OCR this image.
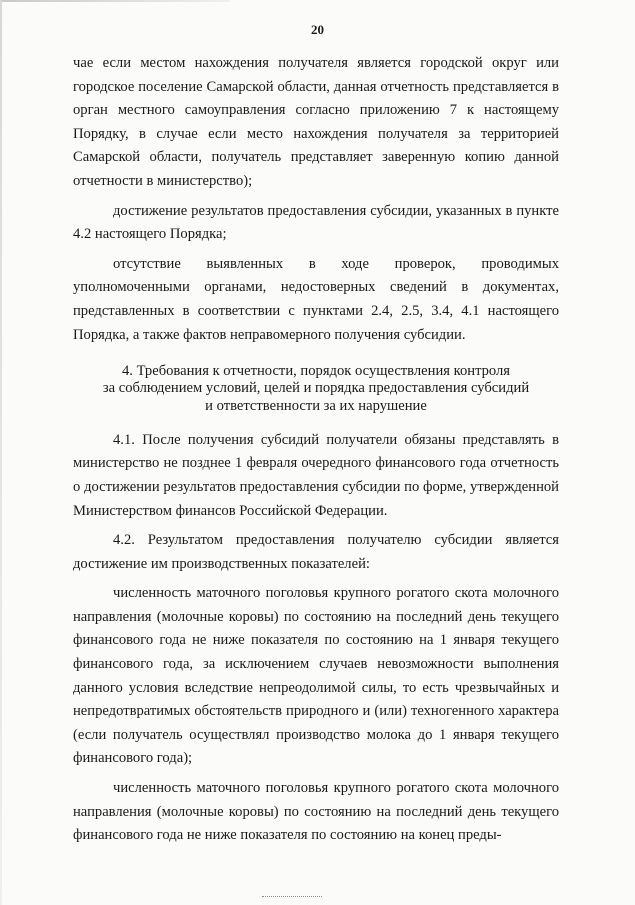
20

чае если местом нахождения получателя является городской округ или городское поселение Самарской области, данная отчетность представляется в орган местного самоуправления согласно приложению 7 к настоящему Порядку, в случае если место нахождения получателя за территорией Самарской области, получатель представляет заверенную копию данной отчетности в министерство);

достижение результатов предоставления субсидии, указанных в пункте 4.2 настоящего Порядка;

отсутствие выявленных в ходе проверок, проводимых уполномоченными органами, недостоверных сведений в документах, представленных в соответствии с пунктами 2.4, 2.5, 3.4, 4.1 настоящего Порядка, а также фактов неправомерного получения субсидии.

4. Требования к отчетности, порядок осуществления контроля
за соблюдением условий, целей и порядка предоставления субсидий
и ответственности за их нарушение

4.1. После получения субсидий получатели обязаны представлять в министерство не позднее 1 февраля очередного финансового года отчетность о достижении результатов предоставления субсидии по форме, утвержденной Министерством финансов Российской Федерации.

4.2. Результатом предоставления получателю субсидии является достижение им производственных показателей:

численность маточного поголовья крупного рогатого скота молочного направления (молочные коровы) по состоянию на последний день текущего финансового года не ниже показателя по состоянию на 1 января текущего финансового года, за исключением случаев невозможности выполнения данного условия вследствие непреодолимой силы, то есть чрезвычайных и непредотвратимых обстоятельств природного и (или) техногенного характера (если получатель осуществлял производство молока до 1 января текущего финансового года);

численность маточного поголовья крупного рогатого скота молочного направления (молочные коровы) по состоянию на последний день текущего финансового года не ниже показателя по состоянию на конец преды-
